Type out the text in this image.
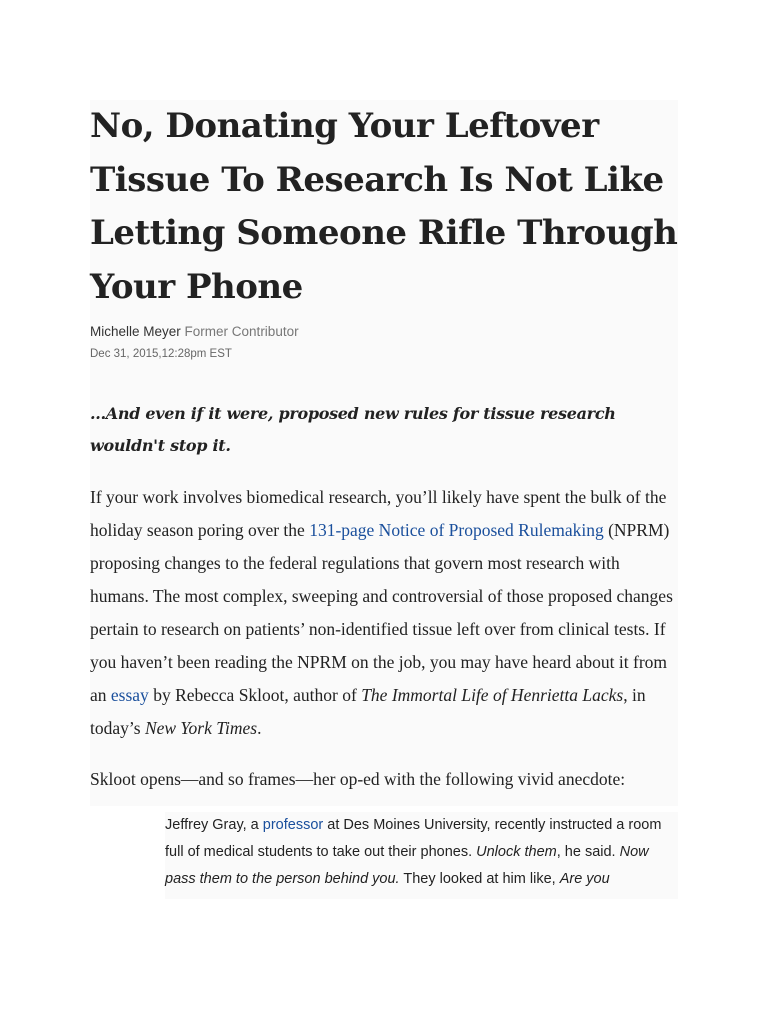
No, Donating Your Leftover Tissue To Research Is Not Like Letting Someone Rifle Through Your Phone
Michelle Meyer Former Contributor
Dec 31, 2015,12:28pm EST

...And even if it were, proposed new rules for tissue research wouldn't stop it.

If your work involves biomedical research, you’ll likely have spent the bulk of the holiday season poring over the 131-page Notice of Proposed Rulemaking (NPRM) proposing changes to the federal regulations that govern most research with humans. The most complex, sweeping and controversial of those proposed changes pertain to research on patients’ non-identified tissue left over from clinical tests. If you haven’t been reading the NPRM on the job, you may have heard about it from an essay by Rebecca Skloot, author of The Immortal Life of Henrietta Lacks, in today’s New York Times.

Skloot opens—and so frames—her op-ed with the following vivid anecdote:

Jeffrey Gray, a professor at Des Moines University, recently instructed a room full of medical students to take out their phones. Unlock them, he said. Now pass them to the person behind you. They looked at him like, Are you
